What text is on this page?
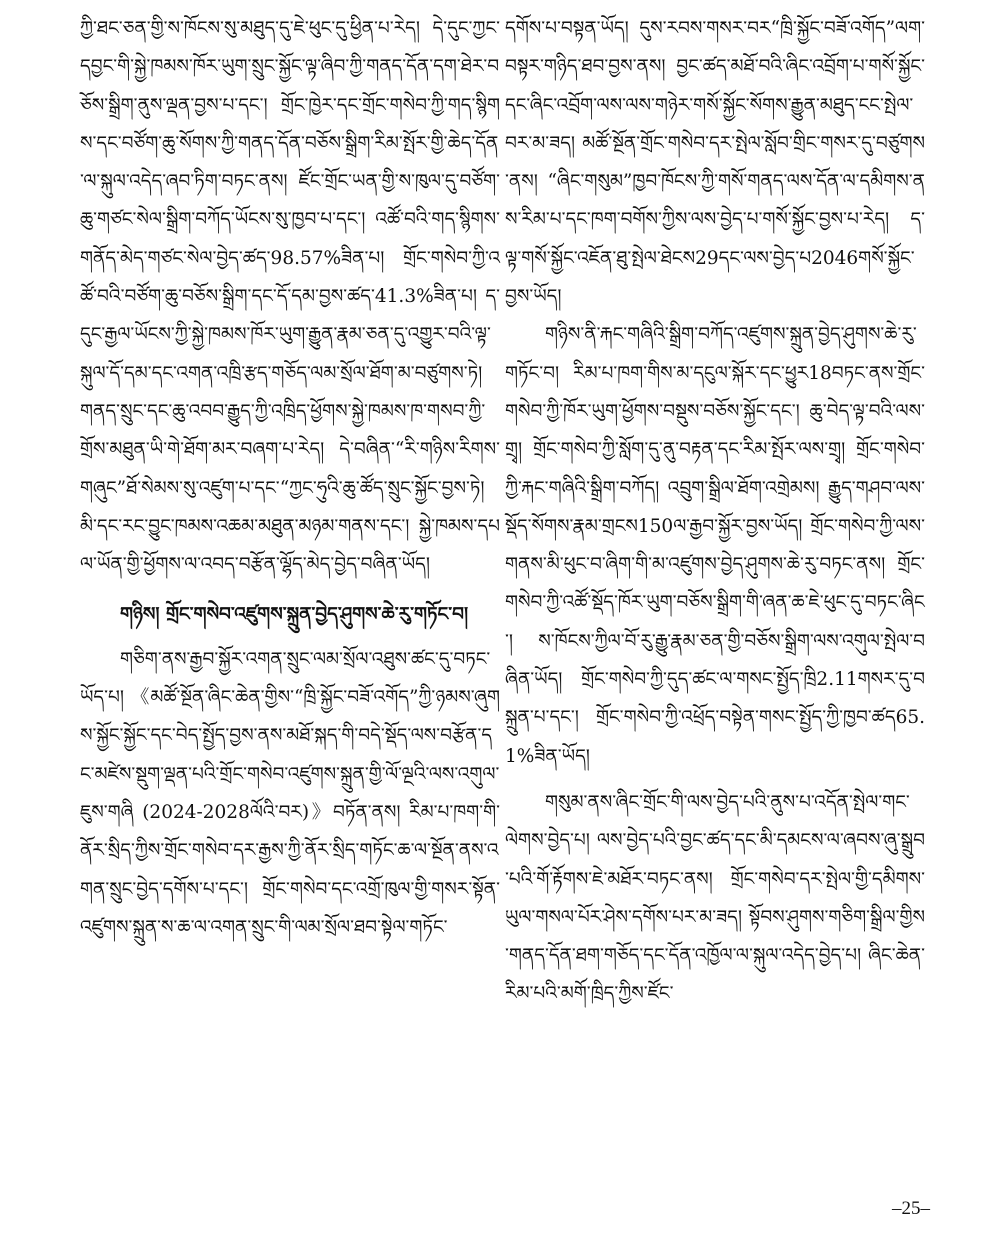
ཀྱི་ཐང་ཅན་གྱི་ས་ཁོངས་སུ་མཐུད་དུ་ཇེ་ཕུང་དུ་ཕྱིན་པ་རེད། དེ་དུང་ཀྱང་དབྱང་གི་སྐྱེ་ཁམས་ཁོར་ཡུག་སྲུང་སྐྱོང་ལྟ་ཞིབ་ཀྱི་གནད་དོན་དག་ཐེར་བཅོས་སྒྲིག་ནུས་ལྡན་བྱས་པ་དང་། གྲོང་ཁྱེར་དང་གྲོང་གསེབ་ཀྱི་གད་སྙིགས་དང་བཙོག་ཆུ་སོགས་ཀྱི་གནད་དོན་བཅོས་སྒྲིག་རིམ་སྤོར་གྱི་ཆེད་དོན་ལ་སྐུལ་འདེད་ཞབ་ཏིག་བཏང་ནས། ཛོང་གྲོང་ཡན་གྱི་ས་ཁུལ་དུ་བཙོག་ཆུ་གཙང་སེལ་སྒྲིག་བཀོད་ཡོངས་སུ་ཁྱབ་པ་དང་། འཚོ་བའི་གད་སྙིགས་གནོད་མེད་གཙང་སེལ་བྱེད་ཚད་98.57%ཟིན་པ། གྲོང་གསེབ་ཀྱི་འཚོ་བའི་བཙོག་ཆུ་བཅོས་སྒྲིག་དང་དོ་དམ་བྱས་ཚད་41.3%ཟིན་པ། ད་དུང་རྒྱལ་ཡོངས་ཀྱི་སྐྱེ་ཁམས་ཁོར་ཡུག་རྒྱུན་རྣམ་ཅན་དུ་འགྱུར་བའི་ལྟ་སྐུལ་དོ་དམ་དང་འགན་འཁྲི་རྩད་གཅོད་ལམ་སྲོལ་ཐོག་མ་བཙུགས་ཏེ། གནད་སྲུང་དང་ཆུ་འབབ་རྒྱུད་ཀྱི་འཁྲིད་ཕྱོགས་སྐྱེ་ཁམས་ཁ་གསབ་ཀྱི་གྲོས་མཐུན་ཡི་གེ་ཐོག་མར་བཞག་པ་རེད། དེ་བཞིན་“རི་གཉིས་རིགས་གཞུང”ཐོ་སེམས་སུ་འཛུག་པ་དང་“ཀྱང་ཧུའི་ཆུ་ཚོད་སྲུང་སྐྱོང་བྱས་ཏེ། མི་དང་རང་བྱུང་ཁམས་འཆམ་མཐུན་མཉམ་གནས་དང་། སྐྱེ་ཁམས་དཔལ་ཡོན་གྱི་ཕྱོགས་ལ་འབད་བརྩོན་ལྷོད་མེད་བྱེད་བཞིན་ཡོད།

གཉིས། གྲོང་གསེབ་འཛུགས་སྐྲུན་བྱེད་ཤུགས་ཆེ་རུ་གཏོང་བ།

གཅིག་ནས་རྒྱབ་སྐྱོར་འགན་སྲུང་ལམ་སྲོལ་འཐུས་ཚང་དུ་བཏང་ཡོད་པ། 《མཚོ་སྔོན་ཞིང་ཆེན་གྱིས་“ཁྲི་སྐྱོང་བཟོ་འགོད”ཀྱི་ཉམས་ཞུགས་སྐྱོང་སྐྱོང་དང་བེད་སྤྱོད་བྱས་ནས་མཐོ་སྐད་གི་བདེ་སྡོད་ལས་བརྩོན་དང་མཛེས་སྡུག་ལྡན་པའི་གྲོང་གསེབ་འཛུགས་སྐྲུན་གྱི་ལོ་ལྔའི་ལས་འགུལ་ཇུས་གཞི (2024-2028ལོའི་བར)》བཏོན་ནས། རིམ་པ་ཁག་གི་ནོར་སྲིད་ཀྱིས་གྲོང་གསེབ་དར་རྒྱས་ཀྱི་ནོར་སྲིད་གཏོང་ཆ་ལ་སྔོན་ནས་འགན་སྲུང་བྱེད་དགོས་པ་དང་། གྲོང་གསེབ་དང་འགྲོ་ཁུལ་གྱི་གསར་སྟོན་འཛུགས་སྐྲུན་ས་ཆ་ལ་འགན་སྲུང་གི་ལམ་སྲོལ་ཐབ་སྟེལ་གཏོང་

དགོས་པ་བསྟན་ཡོད། དུས་རབས་གསར་བར“ཁྲི་སྐྱོང་བཟོ་འགོད”ལག་བསྟར་གཉིད་ཐབ་བྱས་ནས། བྱང་ཚད་མཐོ་བའི་ཞིང་འབྲོག་པ་གསོ་སྐྱོང་དང་ཞིང་འབྲོག་ལས་ལས་གཉེར་གསོ་སྐྱོང་སོགས་རྒྱུན་མཐུད་ངང་སྤེལ་བར་མ་ཟད། མཚོ་སྔོན་གྲོང་གསེབ་དར་སྤེལ་སློབ་གྲིང་གསར་དུ་བཙུགས་ནས། “ཞིང་གསུམ”ཁྱབ་ཁོངས་ཀྱི་གསོ་གནད་ལས་དོན་ལ་དམིགས་ནས་རིམ་པ་དང་ཁག་བགོས་ཀྱིས་ལས་བྱེད་པ་གསོ་སྐྱོང་བྱས་པ་རེད། ད་ལྟ་གསོ་སྐྱོང་འཇོན་ཐུ་སྤེལ་ཐེངས29དང་ལས་བྱེད་པ2046གསོ་སྐྱོང་བྱས་ཡོད།

གཉིས་ནི་རྐང་གཞིའི་སྒྲིག་བཀོད་འཛུགས་སྐྲུན་བྱེད་ཤུགས་ཆེ་རུ་གཏོང་བ། རིམ་པ་ཁག་གིས་མ་དངུལ་སྐོར་དང་ཕྱུར18བཏང་ནས་གྲོང་གསེབ་ཀྱི་ཁོར་ཡུག་ཕྱོགས་བསྡུས་བཅོས་སྐྱོང་དང་། ཆུ་བེད་ལྟ་བའི་ལས་གྲྭ། གྲོང་གསེབ་ཀྱི་སློག་དུ་ནུ་བརྟན་དང་རིམ་སྤོར་ལས་གྲྭ། གྲོང་གསེབ་ཀྱི་རྐང་གཞིའི་སྒྲིག་བཀོད། འབྲུག་སྒྲིལ་ཐོག་འགྲེམས། རྒྱུད་གཤབ་ལས་སྡོད་སོགས་རྣམ་གྲངས150ལ་རྒྱབ་སྐྱོར་བྱས་ཡོད། གྲོང་གསེབ་ཀྱི་ལས་གནས་མི་ཕུང་བ་ཞིག་གི་མ་འཛུགས་བྱེད་ཤུགས་ཆེ་རུ་བཏང་ནས། གྲོང་གསེབ་ཀྱི་འཚོ་སྡོད་ཁོར་ཡུག་བཅོས་སྒྲིག་གི་ཞན་ཆ་ཇེ་ཕུང་དུ་བཏང་ཞིང་། ས་ཁོངས་ཀྱིལ་བོ་རུ་རྒྱུ་རྣམ་ཅན་གྱི་བཅོས་སྒྲིག་ལས་འགུལ་སྤེལ་བཞིན་ཡོད། གྲོང་གསེབ་ཀྱི་དུད་ཚང་ལ་གསང་སྤྱོད་ཁྲི2.11གསར་དུ་བསྐྲུན་པ་དང་། གྲོང་གསེབ་ཀྱི་འཕྲོད་བསྟེན་གསང་སྤྱོད་ཀྱི་ཁྱབ་ཚད65.1%ཟིན་ཡོད།

གསུམ་ནས་ཞིང་གྲོང་གི་ལས་བྱེད་པའི་ནུས་པ་འདོན་སྤེལ་གང་ལེགས་བྱེད་པ། ལས་བྱེད་པའི་བྱང་ཚད་དང་མི་དམངས་ལ་ཞབས་ཞུ་སྒྲུབ་པའི་གོ་རྟོགས་ཇེ་མཐོར་བཏང་ནས། གྲོང་གསེབ་དར་སྤེལ་གྱི་དམིགས་ཡུལ་གསལ་པོར་ཤེས་དགོས་པར་མ་ཟད། སྟོབས་ཤུགས་གཅིག་སྒྲིལ་གྱིས་གནད་དོན་ཐག་གཅོད་དང་དོན་འཁྱོལ་ལ་སྐུལ་འདེད་བྱེད་པ། ཞིང་ཆེན་རིམ་པའི་མགོ་ཁྲིད་ཀྱིས་ཛོང་

–25–
